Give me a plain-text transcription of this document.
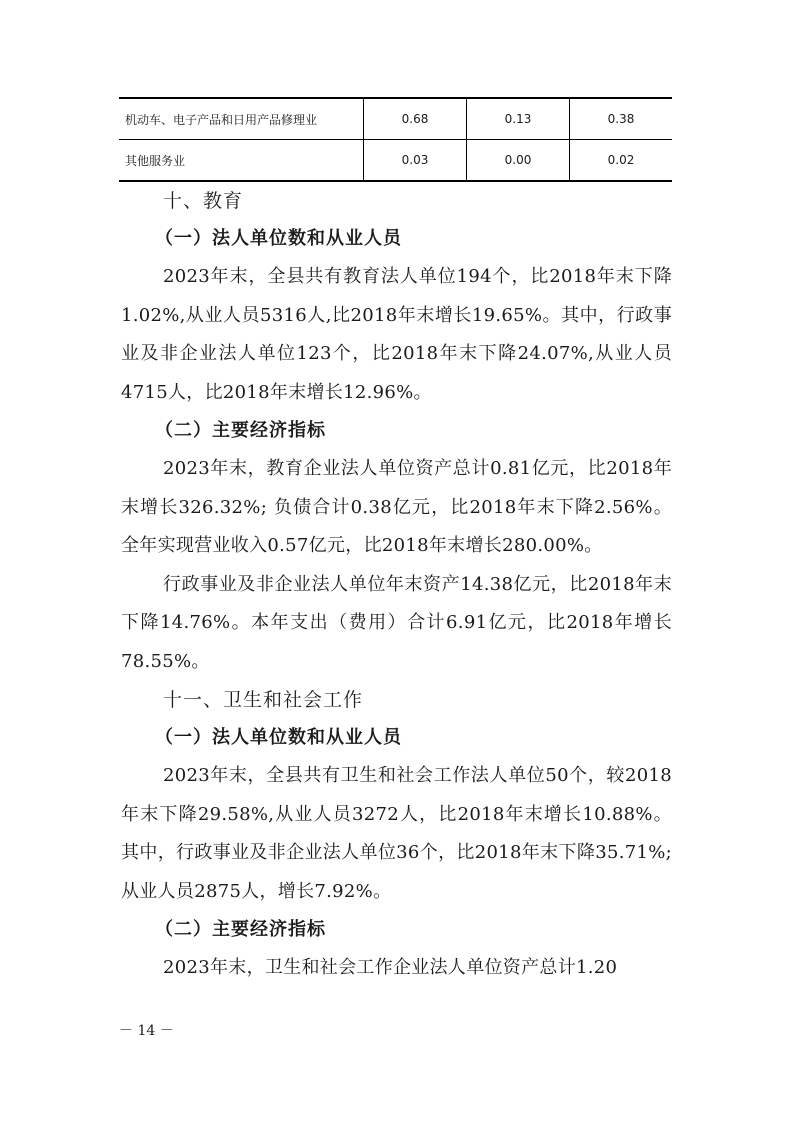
机动车、电子产品和日用产品修理业	0.68	0.13	0.38
其他服务业	0.03	0.00	0.02
十、教育
（一）法人单位数和从业人员

2023年末，全县共有教育法人单位194个，比2018年末下降1.02%,从业人员5316人,比2018年末增长19.65%。其中，行政事业及非企业法人单位123个，比2018年末下降24.07%,从业人员4715人，比2018年末增长12.96%。

（二）主要经济指标

2023年末，教育企业法人单位资产总计0.81亿元，比2018年末增长326.32%; 负债合计0.38亿元，比2018年末下降2.56%。全年实现营业收入0.57亿元，比2018年末增长280.00%。

行政事业及非企业法人单位年末资产14.38亿元，比2018年末下降14.76%。本年支出（费用）合计6.91亿元，比2018年增长78.55%。

十一、卫生和社会工作
（一）法人单位数和从业人员

2023年末，全县共有卫生和社会工作法人单位50个，较2018年末下降29.58%,从业人员3272人，比2018年末增长10.88%。其中，行政事业及非企业法人单位36个，比2018年末下降35.71%; 从业人员2875人，增长7.92%。

（二）主要经济指标

2023年末，卫生和社会工作企业法人单位资产总计1.20

－ 14 －
